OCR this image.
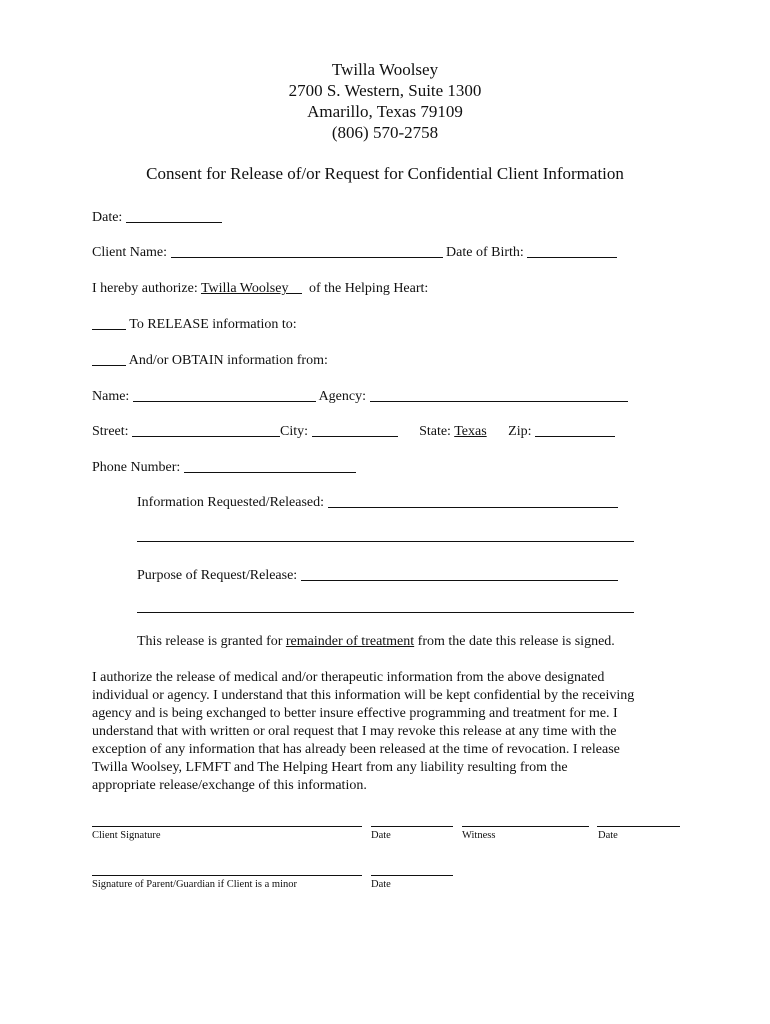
Twilla Woolsey
2700 S. Western, Suite 1300
Amarillo, Texas 79109
(806) 570-2758
Consent for Release of/or Request for Confidential Client Information
Date:
Client Name:	Date of Birth:
I hereby authorize: Twilla Woolsey of the Helping Heart:
To RELEASE information to:
And/or OBTAIN information from:
Name:	Agency:
Street:	City:	State: Texas Zip:
Phone Number:
Information Requested/Released:
Purpose of Request/Release:
This release is granted for remainder of treatment from the date this release is signed.
I authorize the release of medical and/or therapeutic information from the above designated
individual or agency. I understand that this information will be kept confidential by the receiving
agency and is being exchanged to better insure effective programming and treatment for me. I
understand that with written or oral request that I may revoke this release at any time with the
exception of any information that has already been released at the time of revocation. I release
Twilla Woolsey, LFMFT and The Helping Heart from any liability resulting from the
appropriate release/exchange of this information.
Client Signature	Date	Witness	Date
Signature of Parent/Guardian if Client is a minor	Date
